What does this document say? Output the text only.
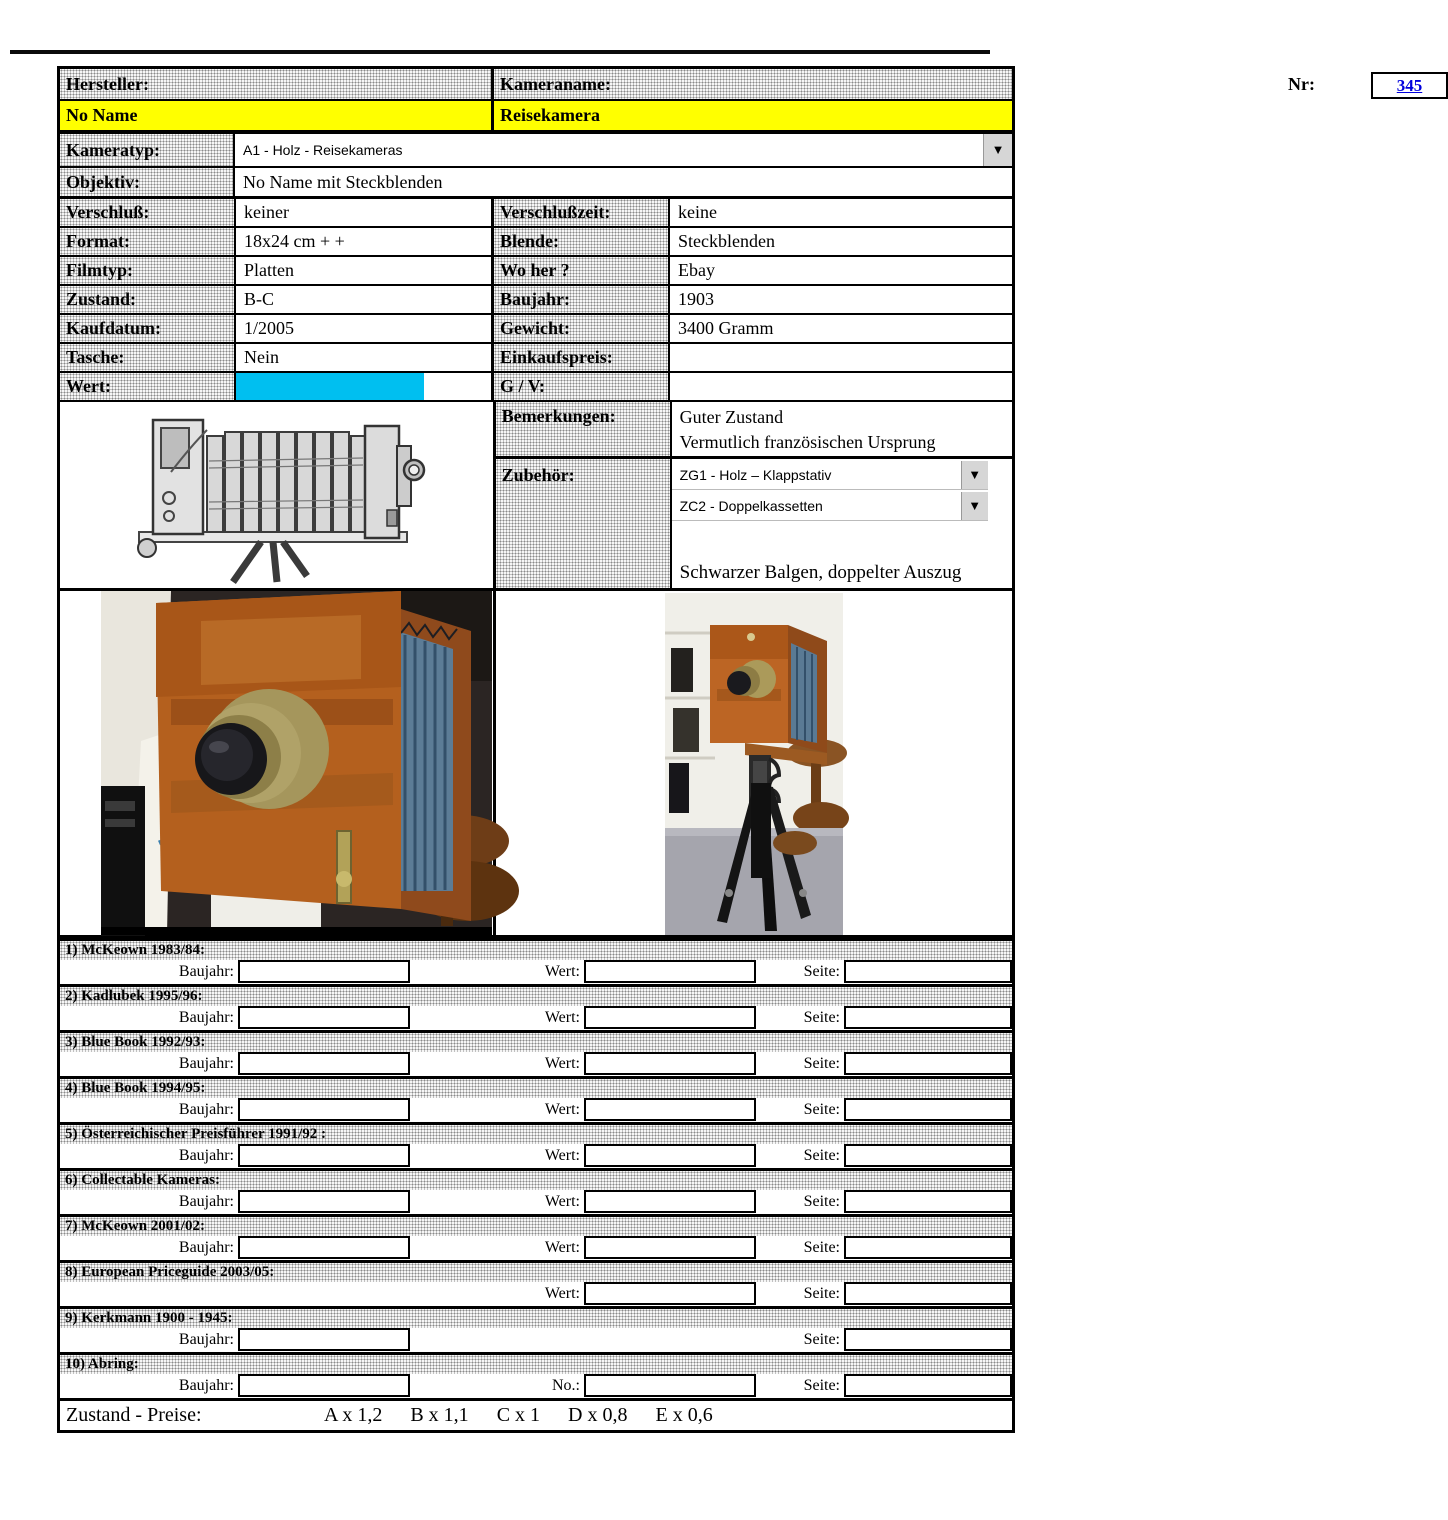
Hersteller:	Kameraname:	Nr:	345
No Name	Reisekamera
Kameratyp:	A1 - Holz - Reisekameras	▼
Objektiv:	No Name mit Steckblenden
Verschluß:	keiner	Verschlußzeit:	keine
Format:	18x24 cm + +	Blende:	Steckblenden
Filmtyp:	Platten	Wo her ?	Ebay
Zustand:	B-C	Baujahr:	1903
Kaufdatum:	1/2005	Gewicht:	3400 Gramm
Tasche:	Nein	Einkaufspreis:
Wert:	G / V:
Bemerkungen:	Guter Zustand
Vermutlich französischen Ursprung
Zubehör:	ZG1 - Holz – Klappstativ	▼
ZC2 - Doppelkassetten	▼
Schwarzer Balgen, doppelter Auszug
1) McKeown 1983/84:
Baujahr:	Wert:	Seite:
2) Kadlubek 1995/96:
Baujahr:	Wert:	Seite:
3) Blue Book 1992/93:
Baujahr:	Wert:	Seite:
4) Blue Book 1994/95:
Baujahr:	Wert:	Seite:
5) Österreichischer Preisführer 1991/92 :
Baujahr:	Wert:	Seite:
6) Collectable Kameras:
Baujahr:	Wert:	Seite:
7) McKeown 2001/02:
Baujahr:	Wert:	Seite:
8) European Priceguide 2003/05:
Wert:	Seite:
9) Kerkmann 1900 - 1945:
Baujahr:	Seite:
10) Abring:
Baujahr:	No.:	Seite:
Zustand - Preise:	A x 1,2 B x 1,1 C x 1 D x 0,8 E x 0,6
